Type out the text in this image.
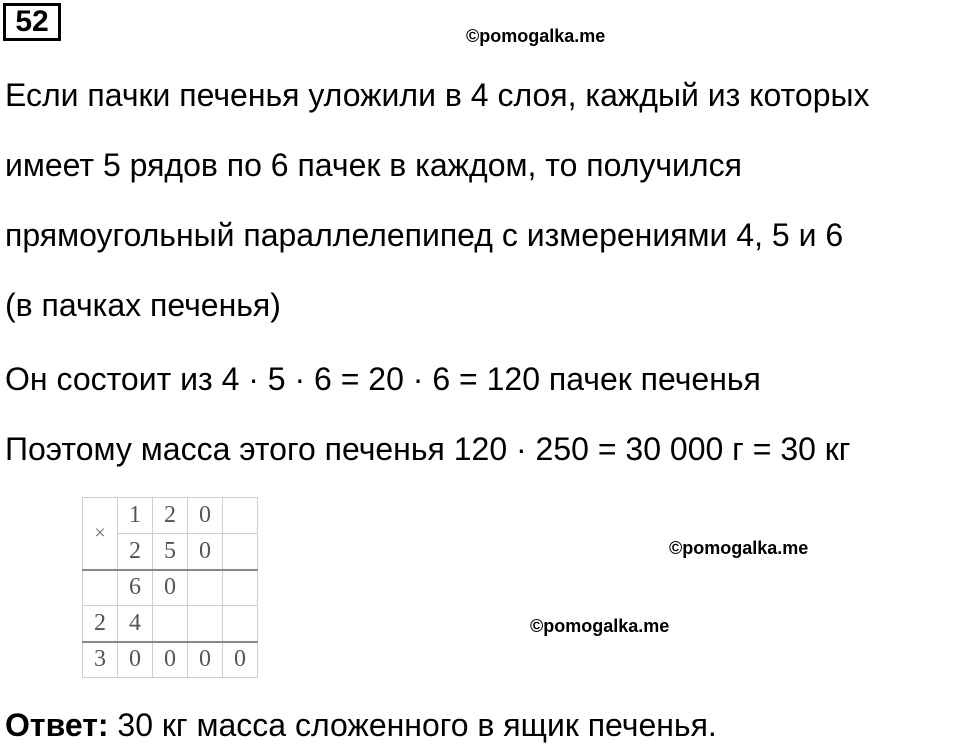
52	©pomogalka.me
Если пачки печенья уложили в 4 слоя, каждый из которых
имеет 5 рядов по 6 пачек в каждом, то получился
прямоугольный параллелепипед с измерениями 4, 5 и 6
(в пачках печенья)
Он состоит из 4 · 5 · 6 = 20 · 6 = 120 пачек печенья
Поэтому масса этого печенья 120 · 250 = 30 000 г = 30 кг
×	1	2	0	
	2	5	0	
	6	0		
2	4			
3	0	0	0	0
©pomogalka.me
©pomogalka.me
Ответ: 30 кг масса сложенного в ящик печенья.
